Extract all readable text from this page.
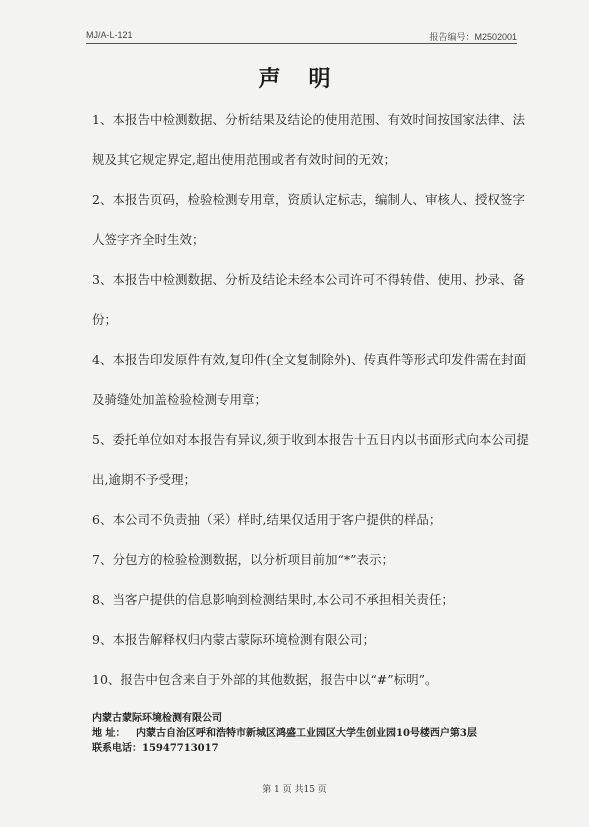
MJ/A-L-121	报告编号：M2502001
声明
1、本报告中检测数据、分析结果及结论的使用范围、有效时间按国家法律、法
规及其它规定界定,超出使用范围或者有效时间的无效；
2、本报告页码，检验检测专用章，资质认定标志，编制人、审核人、授权签字
人签字齐全时生效；
3、本报告中检测数据、分析及结论未经本公司许可不得转借、使用、抄录、备
份；
4、本报告印发原件有效,复印件(全文复制除外)、传真件等形式印发件需在封面
及骑缝处加盖检验检测专用章；
5、委托单位如对本报告有异议,须于收到本报告十五日内以书面形式向本公司提
出,逾期不予受理；
6、本公司不负责抽（采）样时,结果仅适用于客户提供的样品；
7、分包方的检验检测数据，以分析项目前加“*”表示；
8、当客户提供的信息影响到检测结果时,本公司不承担相关责任；
9、本报告解释权归内蒙古蒙际环境检测有限公司；
10、报告中包含来自于外部的其他数据，报告中以“#”标明”。
内蒙古蒙际环境检测有限公司
地 址： 内蒙古自治区呼和浩特市新城区鸿盛工业园区大学生创业园10号楼西户第3层
联系电话：15947713017
第 1 页 共15 页
